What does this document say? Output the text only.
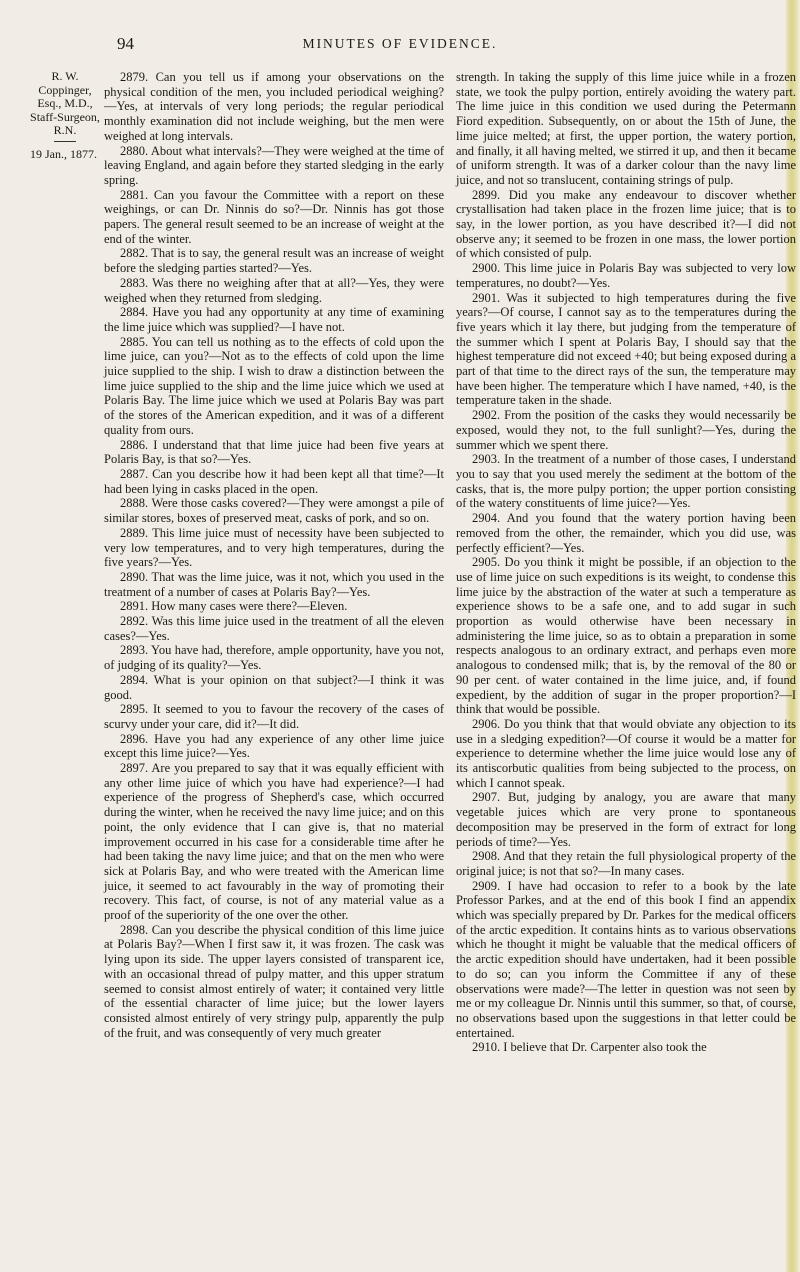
94	MINUTES OF EVIDENCE.
R. W. Coppinger, Esq., M.D., Staff-Surgeon, R.N.
19 Jan., 1877.

2879. Can you tell us if among your observations on the physical condition of the men, you included periodical weighing?—Yes, at intervals of very long periods; the regular periodical monthly examination did not include weighing, but the men were weighed at long intervals.

2880. About what intervals?—They were weighed at the time of leaving England, and again before they started sledging in the early spring.

2881. Can you favour the Committee with a report on these weighings, or can Dr. Ninnis do so?—Dr. Ninnis has got those papers. The general result seemed to be an increase of weight at the end of the winter.

2882. That is to say, the general result was an increase of weight before the sledging parties started?—Yes.

2883. Was there no weighing after that at all?—Yes, they were weighed when they returned from sledging.

2884. Have you had any opportunity at any time of examining the lime juice which was supplied?—I have not.

2885. You can tell us nothing as to the effects of cold upon the lime juice, can you?—Not as to the effects of cold upon the lime juice supplied to the ship. I wish to draw a distinction between the lime juice supplied to the ship and the lime juice which we used at Polaris Bay. The lime juice which we used at Polaris Bay was part of the stores of the American expedition, and it was of a different quality from ours.

2886. I understand that that lime juice had been five years at Polaris Bay, is that so?—Yes.

2887. Can you describe how it had been kept all that time?—It had been lying in casks placed in the open.

2888. Were those casks covered?—They were amongst a pile of similar stores, boxes of preserved meat, casks of pork, and so on.

2889. This lime juice must of necessity have been subjected to very low temperatures, and to very high temperatures, during the five years?—Yes.

2890. That was the lime juice, was it not, which you used in the treatment of a number of cases at Polaris Bay?—Yes.

2891. How many cases were there?—Eleven.

2892. Was this lime juice used in the treatment of all the eleven cases?—Yes.

2893. You have had, therefore, ample opportunity, have you not, of judging of its quality?—Yes.

2894. What is your opinion on that subject?—I think it was good.

2895. It seemed to you to favour the recovery of the cases of scurvy under your care, did it?—It did.

2896. Have you had any experience of any other lime juice except this lime juice?—Yes.

2897. Are you prepared to say that it was equally efficient with any other lime juice of which you have had experience?—I had experience of the progress of Shepherd's case, which occurred during the winter, when he received the navy lime juice; and on this point, the only evidence that I can give is, that no material improvement occurred in his case for a considerable time after he had been taking the navy lime juice; and that on the men who were sick at Polaris Bay, and who were treated with the American lime juice, it seemed to act favourably in the way of promoting their recovery. This fact, of course, is not of any material value as a proof of the superiority of the one over the other.

2898. Can you describe the physical condition of this lime juice at Polaris Bay?—When I first saw it, it was frozen. The cask was lying upon its side. The upper layers consisted of transparent ice, with an occasional thread of pulpy matter, and this upper stratum seemed to consist almost entirely of water; it contained very little of the essential character of lime juice; but the lower layers consisted almost entirely of very stringy pulp, apparently the pulp of the fruit, and was consequently of very much greater

strength. In taking the supply of this lime juice while in a frozen state, we took the pulpy portion, entirely avoiding the watery part. The lime juice in this condition we used during the Petermann Fiord expedition. Subsequently, on or about the 15th of June, the lime juice melted; at first, the upper portion, the watery portion, and finally, it all having melted, we stirred it up, and then it became of uniform strength. It was of a darker colour than the navy lime juice, and not so translucent, containing strings of pulp.

2899. Did you make any endeavour to discover whether crystallisation had taken place in the frozen lime juice; that is to say, in the lower portion, as you have described it?—I did not observe any; it seemed to be frozen in one mass, the lower portion of which consisted of pulp.

2900. This lime juice in Polaris Bay was subjected to very low temperatures, no doubt?—Yes.

2901. Was it subjected to high temperatures during the five years?—Of course, I cannot say as to the temperatures during the five years which it lay there, but judging from the temperature of the summer which I spent at Polaris Bay, I should say that the highest temperature did not exceed +40; but being exposed during a part of that time to the direct rays of the sun, the temperature may have been higher. The temperature which I have named, +40, is the temperature taken in the shade.

2902. From the position of the casks they would necessarily be exposed, would they not, to the full sunlight?—Yes, during the summer which we spent there.

2903. In the treatment of a number of those cases, I understand you to say that you used merely the sediment at the bottom of the casks, that is, the more pulpy portion; the upper portion consisting of the watery constituents of lime juice?—Yes.

2904. And you found that the watery portion having been removed from the other, the remainder, which you did use, was perfectly efficient?—Yes.

2905. Do you think it might be possible, if an objection to the use of lime juice on such expeditions is its weight, to condense this lime juice by the abstraction of the water at such a temperature as experience shows to be a safe one, and to add sugar in such proportion as would otherwise have been necessary in administering the lime juice, so as to obtain a preparation in some respects analogous to an ordinary extract, and perhaps even more analogous to condensed milk; that is, by the removal of the 80 or 90 per cent. of water contained in the lime juice, and, if found expedient, by the addition of sugar in the proper proportion?—I think that would be possible.

2906. Do you think that that would obviate any objection to its use in a sledging expedition?—Of course it would be a matter for experience to determine whether the lime juice would lose any of its antiscorbutic qualities from being subjected to the process, on which I cannot speak.

2907. But, judging by analogy, you are aware that many vegetable juices which are very prone to spontaneous decomposition may be preserved in the form of extract for long periods of time?—Yes.

2908. And that they retain the full physiological property of the original juice; is not that so?—In many cases.

2909. I have had occasion to refer to a book by the late Professor Parkes, and at the end of this book I find an appendix which was specially prepared by Dr. Parkes for the medical officers of the arctic expedition. It contains hints as to various observations which he thought it might be valuable that the medical officers of the arctic expedition should have undertaken, had it been possible to do so; can you inform the Committee if any of these observations were made?—The letter in question was not seen by me or my colleague Dr. Ninnis until this summer, so that, of course, no observations based upon the suggestions in that letter could be entertained.

2910. I believe that Dr. Carpenter also took the
